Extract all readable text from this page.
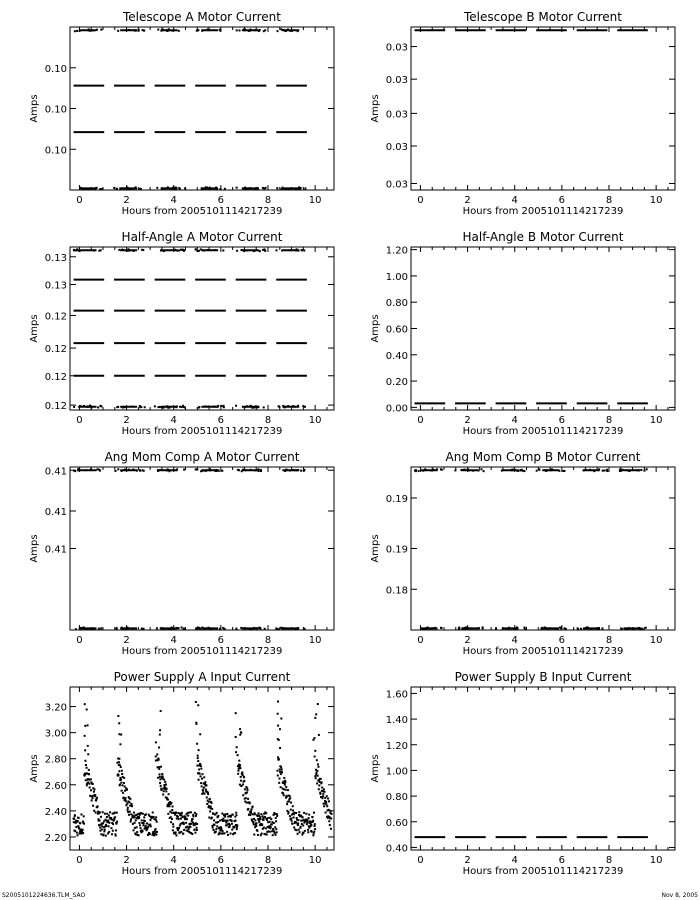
Telescope A Motor Current
0	2	4	6	8	10
0.10
0.10
0.10
Hours from 2005101114217239
Amps
Telescope B Motor Current
0	2	4	6	8	10
0.03
0.03
0.03
0.03
0.03
Hours from 2005101114217239
Amps
Half-Angle A Motor Current
0	2	4	6	8	10
0.12
0.12
0.12
0.12
0.13
0.13
Hours from 2005101114217239
Amps
Half-Angle B Motor Current
0	2	4	6	8	10
0.00
0.20
0.40
0.60
0.80
1.00
1.20
Hours from 2005101114217239
Amps
Ang Mom Comp A Motor Current
0	2	4	6	8	10
0.41
0.41
0.41
Hours from 2005101114217239
Amps
Ang Mom Comp B Motor Current
0	2	4	6	8	10
0.18
0.19
0.19
Hours from 2005101114217239
Amps
Power Supply A Input Current
0	2	4	6	8	10
2.20
2.40
2.60
2.80
3.00
3.20
Hours from 2005101114217239
Amps
Power Supply B Input Current
0	2	4	6	8	10
0.40
0.60
0.80
1.00
1.20
1.40
1.60
Hours from 2005101114217239
Amps
S2005101224636.TLM_SAO	Nov 8, 2005
